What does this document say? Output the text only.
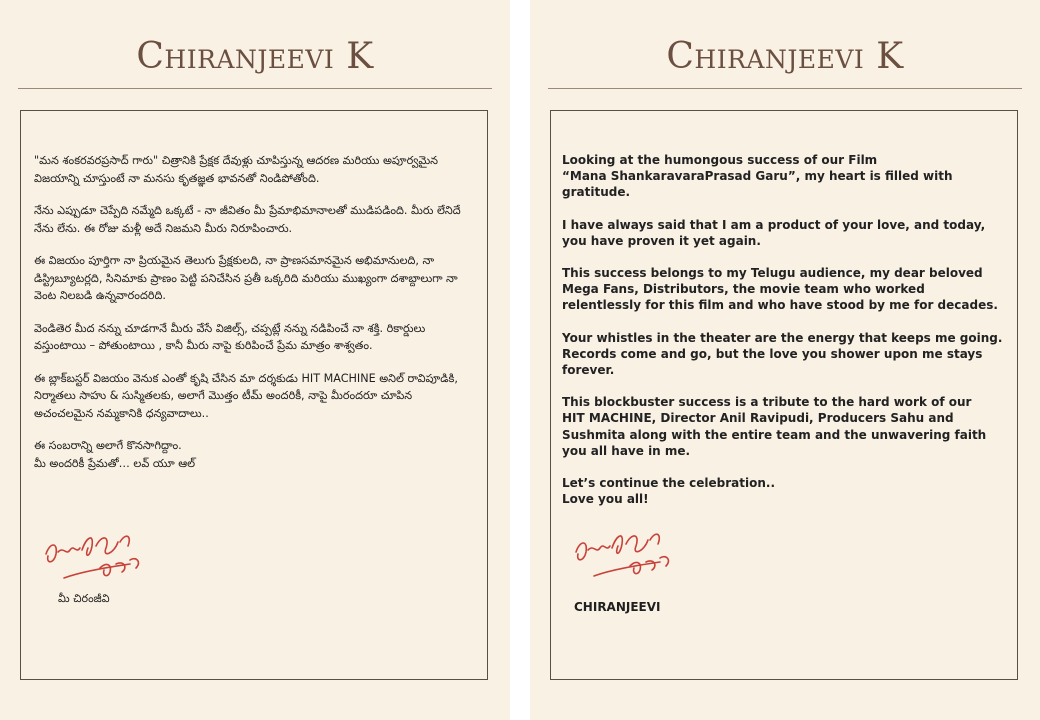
Chiranjeevi K

"మన శంకరవరప్రసాద్ గారు" చిత్రానికి ప్రేక్షక దేవుళ్లు చూపిస్తున్న ఆదరణ మరియు అపూర్వమైన విజయాన్ని చూస్తుంటే నా మనసు కృతజ్ఞత భావనతో నిండిపోతోంది.

నేను ఎప్పుడూ చెప్పేది నమ్మేది ఒక్కటే - నా జీవితం మీ ప్రేమాభిమానాలతో ముడిపడింది. మీరు లేనిదే నేను లేను. ఈ రోజు మళ్లీ అదే నిజమని మీరు నిరూపించారు.

ఈ విజయం పూర్తిగా నా ప్రియమైన తెలుగు ప్రేక్షకులది, నా ప్రాణసమానమైన అభిమానులది, నా డిస్ట్రిబ్యూటర్లది, సినిమాకు ప్రాణం పెట్టి పనిచేసిన ప్రతీ ఒక్కరిది మరియు ముఖ్యంగా దశాబ్దాలుగా నా వెంట నిలబడి ఉన్నవారందరిది.

వెండితెర మీద నన్ను చూడగానే మీరు వేసే విజిల్స్, చప్పట్లే నన్ను నడిపించే నా శక్తి. రికార్డులు వస్తుంటాయి – పోతుంటాయి , కానీ మీరు నాపై కురిపించే ప్రేమ మాత్రం శాశ్వతం.

ఈ బ్లాక్‌బస్టర్ విజయం వెనుక ఎంతో కృషి చేసిన మా దర్శకుడు HIT MACHINE అనిల్ రావిపూడికి, నిర్మాతలు సాహు & సుస్మితలకు, అలాగే మొత్తం టీమ్ అందరికీ, నాపై మీరందరూ చూపిన అచంచలమైన నమ్మకానికి ధన్యవాదాలు..

ఈ సంబరాన్ని అలాగే కొనసాగిద్దాం.
మీ అందరికీ ప్రేమతో… లవ్ యూ ఆల్

మీ చిరంజీవి
Chiranjeevi K

Looking at the humongous success of our Film
“Mana ShankaravaraPrasad Garu”, my heart is filled with gratitude.

I have always said that I am a product of your love, and today, you have proven it yet again.

This success belongs to my Telugu audience, my dear beloved Mega Fans, Distributors, the movie team who worked relentlessly for this film and who have stood by me for decades.

Your whistles in the theater are the energy that keeps me going. Records come and go, but the love you shower upon me stays forever.

This blockbuster success is a tribute to the hard work of our
HIT MACHINE, Director Anil Ravipudi, Producers Sahu and Sushmita along with the entire team and the unwavering faith you all have in me.

Let’s continue the celebration..
Love you all!

CHIRANJEEVI
